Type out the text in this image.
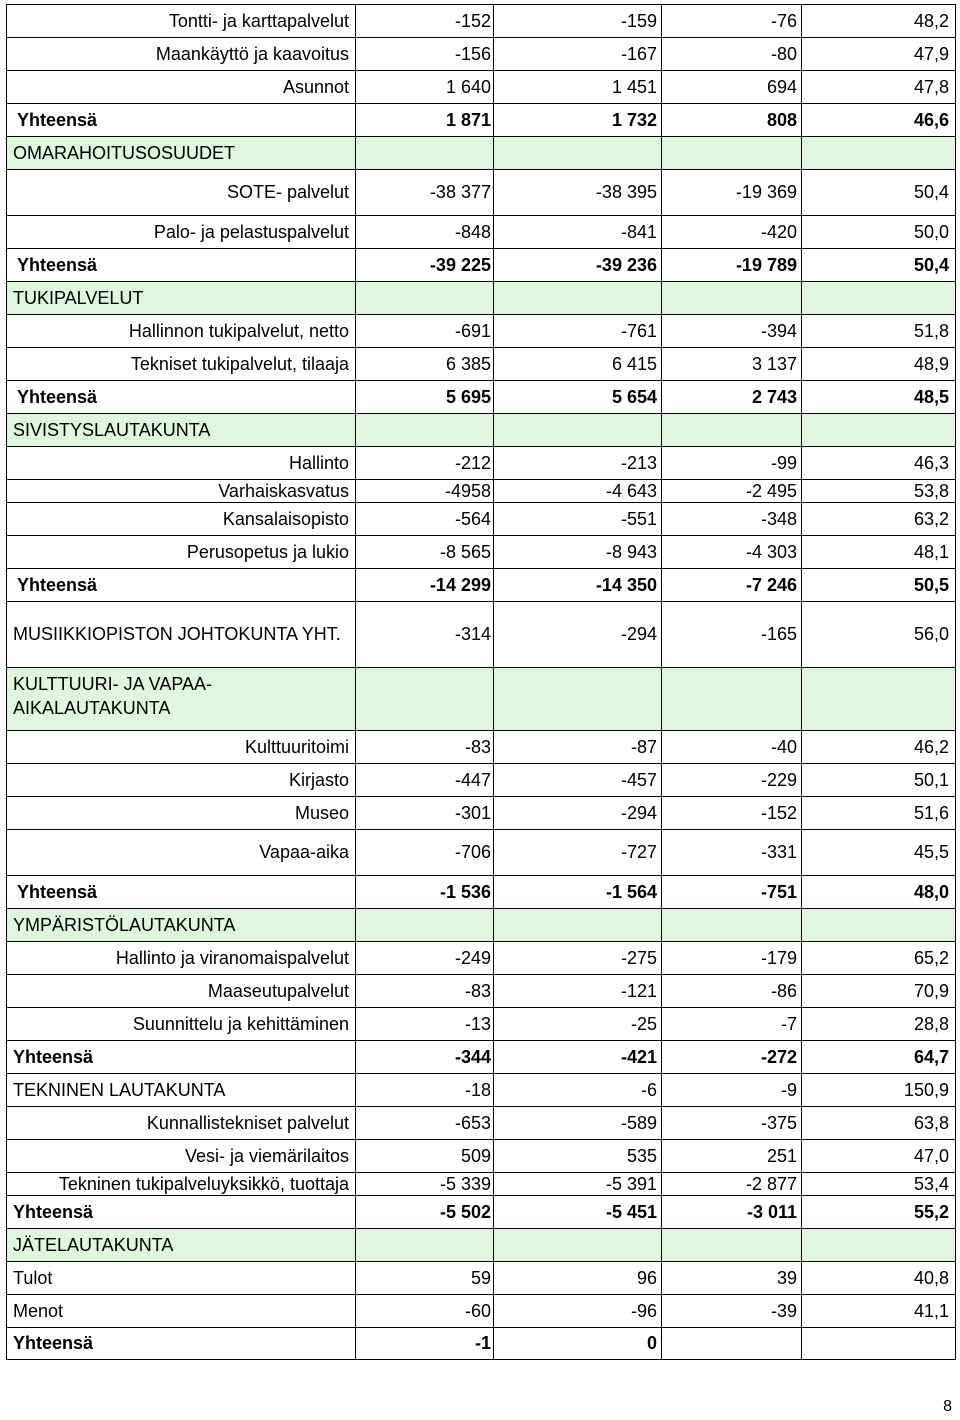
Tontti- ja karttapalvelut	-152	-159	-76	48,2
Maankäyttö ja kaavoitus	-156	-167	-80	47,9
Asunnot	1 640	1 451	694	47,8
Yhteensä	1 871	1 732	808	46,6
OMARAHOITUSOSUUDET
SOTE- palvelut	-38 377	-38 395	-19 369	50,4
Palo- ja pelastuspalvelut	-848	-841	-420	50,0
Yhteensä	-39 225	-39 236	-19 789	50,4
TUKIPALVELUT
Hallinnon tukipalvelut, netto	-691	-761	-394	51,8
Tekniset tukipalvelut, tilaaja	6 385	6 415	3 137	48,9
Yhteensä	5 695	5 654	2 743	48,5
SIVISTYSLAUTAKUNTA
Hallinto	-212	-213	-99	46,3
Varhaiskasvatus	-4958	-4 643	-2 495	53,8
Kansalaisopisto	-564	-551	-348	63,2
Perusopetus ja lukio	-8 565	-8 943	-4 303	48,1
Yhteensä	-14 299	-14 350	-7 246	50,5
MUSIIKKIOPISTON JOHTOKUNTA YHT.	-314	-294	-165	56,0
KULTTUURI- JA VAPAA-AIKALAUTAKUNTA
Kulttuuritoimi	-83	-87	-40	46,2
Kirjasto	-447	-457	-229	50,1
Museo	-301	-294	-152	51,6
Vapaa-aika	-706	-727	-331	45,5
Yhteensä	-1 536	-1 564	-751	48,0
YMPÄRISTÖLAUTAKUNTA
Hallinto ja viranomaispalvelut	-249	-275	-179	65,2
Maaseutupalvelut	-83	-121	-86	70,9
Suunnittelu ja kehittäminen	-13	-25	-7	28,8
Yhteensä	-344	-421	-272	64,7
TEKNINEN LAUTAKUNTA	-18	-6	-9	150,9
Kunnallistekniset palvelut	-653	-589	-375	63,8
Vesi- ja viemärilaitos	509	535	251	47,0
Tekninen tukipalveluyksikkö, tuottaja	-5 339	-5 391	-2 877	53,4
Yhteensä	-5 502	-5 451	-3 011	55,2
JÄTELAUTAKUNTA
Tulot	59	96	39	40,8
Menot	-60	-96	-39	41,1
Yhteensä	-1	0
8
